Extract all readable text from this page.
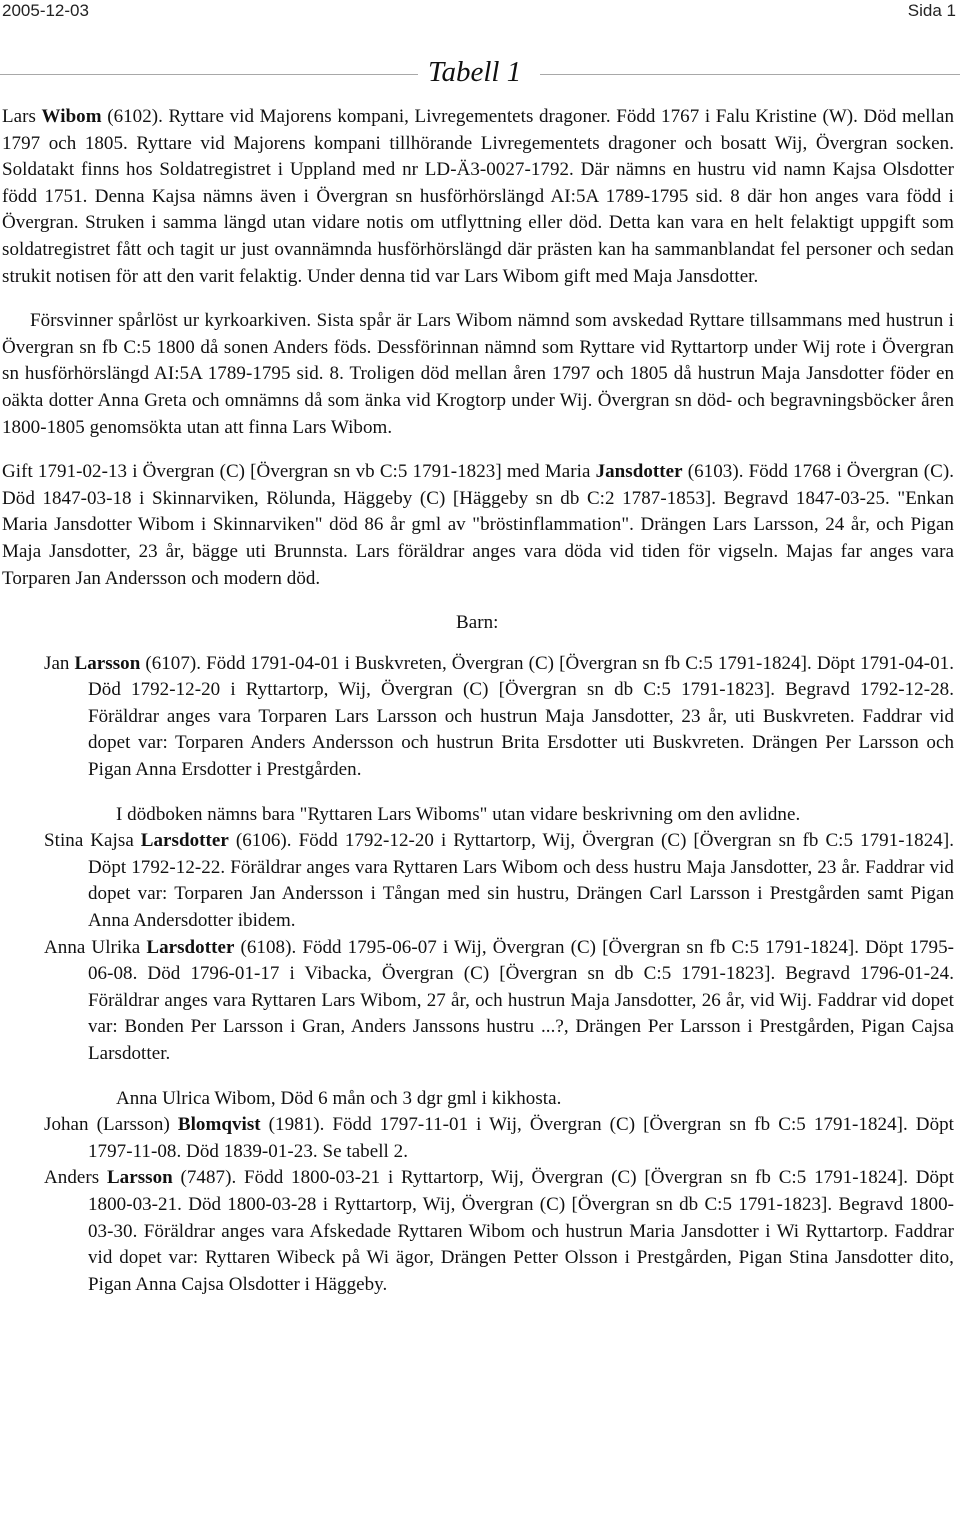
2005-12-03	Sida 1
Tabell 1

Lars Wibom (6102). Ryttare vid Majorens kompani, Livregementets dragoner. Född 1767 i Falu Kristine (W). Död mellan 1797 och 1805. Ryttare vid Majorens kompani tillhörande Livregementets dragoner och bosatt Wij, Övergran socken. Soldatakt finns hos Soldatregistret i Uppland med nr LD-Ä3-0027-1792. Där nämns en hustru vid namn Kajsa Olsdotter född 1751. Denna Kajsa nämns även i Övergran sn husförhörslängd AI:5A 1789-1795 sid. 8 där hon anges vara född i Övergran. Struken i samma längd utan vidare notis om utflyttning eller död. Detta kan vara en helt felaktigt uppgift som soldatregistret fått och tagit ur just ovannämnda husförhörslängd där prästen kan ha sammanblandat fel personer och sedan strukit notisen för att den varit felaktig. Under denna tid var Lars Wibom gift med Maja Jansdotter.

Försvinner spårlöst ur kyrkoarkiven. Sista spår är Lars Wibom nämnd som avskedad Ryttare tillsammans med hustrun i Övergran sn fb C:5 1800 då sonen Anders föds. Dessförinnan nämnd som Ryttare vid Ryttartorp under Wij rote i Övergran sn husförhörslängd AI:5A 1789-1795 sid. 8. Troligen död mellan åren 1797 och 1805 då hustrun Maja Jansdotter föder en oäkta dotter Anna Greta och omnämns då som änka vid Krogtorp under Wij. Övergran sn död- och begravningsböcker åren 1800-1805 genomsökta utan att finna Lars Wibom.

Gift 1791-02-13 i Övergran (C) [Övergran sn vb C:5 1791-1823] med Maria Jansdotter (6103). Född 1768 i Övergran (C). Död 1847-03-18 i Skinnarviken, Rölunda, Häggeby (C) [Häggeby sn db C:2 1787-1853]. Begravd 1847-03-25. "Enkan Maria Jansdotter Wibom i Skinnarviken" död 86 år gml av "bröstinflammation". Drängen Lars Larsson, 24 år, och Pigan Maja Jansdotter, 23 år, bägge uti Brunnsta. Lars föräldrar anges vara döda vid tiden för vigseln. Majas far anges vara Torparen Jan Andersson och modern död.

Barn:

Jan Larsson (6107). Född 1791-04-01 i Buskvreten, Övergran (C) [Övergran sn fb C:5 1791-1824]. Döpt 1791-04-01. Död 1792-12-20 i Ryttartorp, Wij, Övergran (C) [Övergran sn db C:5 1791-1823]. Begravd 1792-12-28. Föräldrar anges vara Torparen Lars Larsson och hustrun Maja Jansdotter, 23 år, uti Buskvreten. Faddrar vid dopet var: Torparen Anders Andersson och hustrun Brita Ersdotter uti Buskvreten. Drängen Per Larsson och Pigan Anna Ersdotter i Prestgården.

I dödboken nämns bara "Ryttaren Lars Wiboms" utan vidare beskrivning om den avlidne.

Stina Kajsa Larsdotter (6106). Född 1792-12-20 i Ryttartorp, Wij, Övergran (C) [Övergran sn fb C:5 1791-1824]. Döpt 1792-12-22. Föräldrar anges vara Ryttaren Lars Wibom och dess hustru Maja Jansdotter, 23 år. Faddrar vid dopet var: Torparen Jan Andersson i Tångan med sin hustru, Drängen Carl Larsson i Prestgården samt Pigan Anna Andersdotter ibidem.

Anna Ulrika Larsdotter (6108). Född 1795-06-07 i Wij, Övergran (C) [Övergran sn fb C:5 1791-1824]. Döpt 1795-06-08. Död 1796-01-17 i Vibacka, Övergran (C) [Övergran sn db C:5 1791-1823]. Begravd 1796-01-24. Föräldrar anges vara Ryttaren Lars Wibom, 27 år, och hustrun Maja Jansdotter, 26 år, vid Wij. Faddrar vid dopet var: Bonden Per Larsson i Gran, Anders Janssons hustru ...?, Drängen Per Larsson i Prestgården, Pigan Cajsa Larsdotter.

Anna Ulrica Wibom, Död 6 mån och 3 dgr gml i kikhosta.

Johan (Larsson) Blomqvist (1981). Född 1797-11-01 i Wij, Övergran (C) [Övergran sn fb C:5 1791-1824]. Döpt 1797-11-08. Död 1839-01-23. Se tabell 2.

Anders Larsson (7487). Född 1800-03-21 i Ryttartorp, Wij, Övergran (C) [Övergran sn fb C:5 1791-1824]. Döpt 1800-03-21. Död 1800-03-28 i Ryttartorp, Wij, Övergran (C) [Övergran sn db C:5 1791-1823]. Begravd 1800-03-30. Föräldrar anges vara Afskedade Ryttaren Wibom och hustrun Maria Jansdotter i Wi Ryttartorp. Faddrar vid dopet var: Ryttaren Wibeck på Wi ägor, Drängen Petter Olsson i Prestgården, Pigan Stina Jansdotter dito, Pigan Anna Cajsa Olsdotter i Häggeby.
